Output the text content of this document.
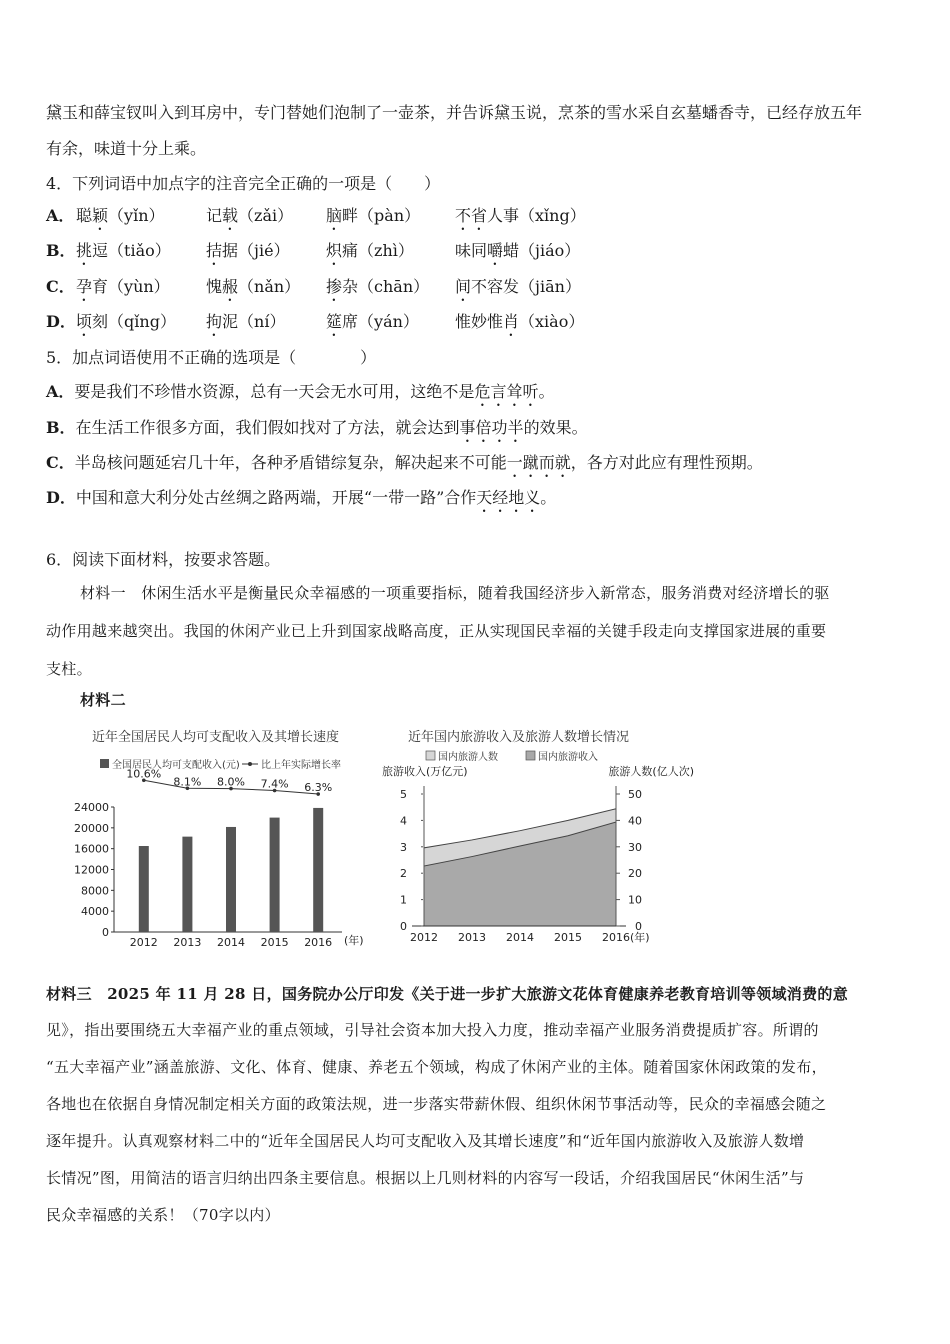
黛玉和薛宝钗叫入到耳房中，专门替她们泡制了一壶茶，并告诉黛玉说，烹茶的雪水采自玄墓蟠香寺，已经存放五年
有余，味道十分上乘。
4．下列词语中加点字的注音完全正确的一项是（　　）
A． 聪颖（yǐn）	记载（zǎi） 脑畔（pàn） 不省人事（xǐng）
B． 挑逗（tiǎo） 拮据（jié） 炽痛（zhì）	味同嚼蜡（jiáo）
C． 孕育（yùn） 愧赧（nǎn） 掺杂（chān） 间不容发（jiān）
D． 顷刻（qǐng） 拘泥（ní）	筵席（yán） 惟妙惟肖（xiào）
5．加点词语使用不正确的选项是（　　　　）
A．要是我们不珍惜水资源，总有一天会无水可用，这绝不是危言耸听。
B．在生活工作很多方面，我们假如找对了方法，就会达到事倍功半的效果。
C．半岛核问题延宕几十年，各种矛盾错综复杂，解决起来不可能一蹴而就，各方对此应有理性预期。
D．中国和意大利分处古丝绸之路两端，开展“一带一路”合作天经地义。
6．阅读下面材料，按要求答题。
材料一　休闲生活水平是衡量民众幸福感的一项重要指标，随着我国经济步入新常态，服务消费对经济增长的驱
动作用越来越突出。我国的休闲产业已上升到国家战略高度，正从实现国民幸福的关键手段走向支撑国家进展的重要
支柱。
材料二
近年全国居民人均可支配收入及其增长速度
全国居民人均可支配收入(元) 比上年实际增长率
0
4000
8000
12000
16000
20000
24000
2012
10.6%
2013
8.1%
2014
8.0%
2015
7.4%
2016
6.3%
(年)
近年国内旅游收入及旅游人数增长情况
国内旅游人数	国内旅游收入
旅游收入(万亿元)	旅游人数(亿人次)
0
1
2
3
4
5
0
10
20
30
40
50
2012 2013 2014 2015 2016 (年)
材料三　2025 年 11 月 28 日，国务院办公厅印发《关于进一步扩大旅游文花体育健康养老教育培训等领域消费的意
见》，指出要围绕五大幸福产业的重点领域，引导社会资本加大投入力度，推动幸福产业服务消费提质扩容。所谓的
“五大幸福产业”涵盖旅游、文化、体育、健康、养老五个领域，构成了休闲产业的主体。随着国家休闲政策的发布，
各地也在依据自身情况制定相关方面的政策法规，进一步落实带薪休假、组织休闲节事活动等，民众的幸福感会随之
逐年提升。认真观察材料二中的“近年全国居民人均可支配收入及其增长速度”和“近年国内旅游收入及旅游人数增
长情况”图，用简洁的语言归纳出四条主要信息。根据以上几则材料的内容写一段话，介绍我国居民“休闲生活”与
民众幸福感的关系！（70字以内）
